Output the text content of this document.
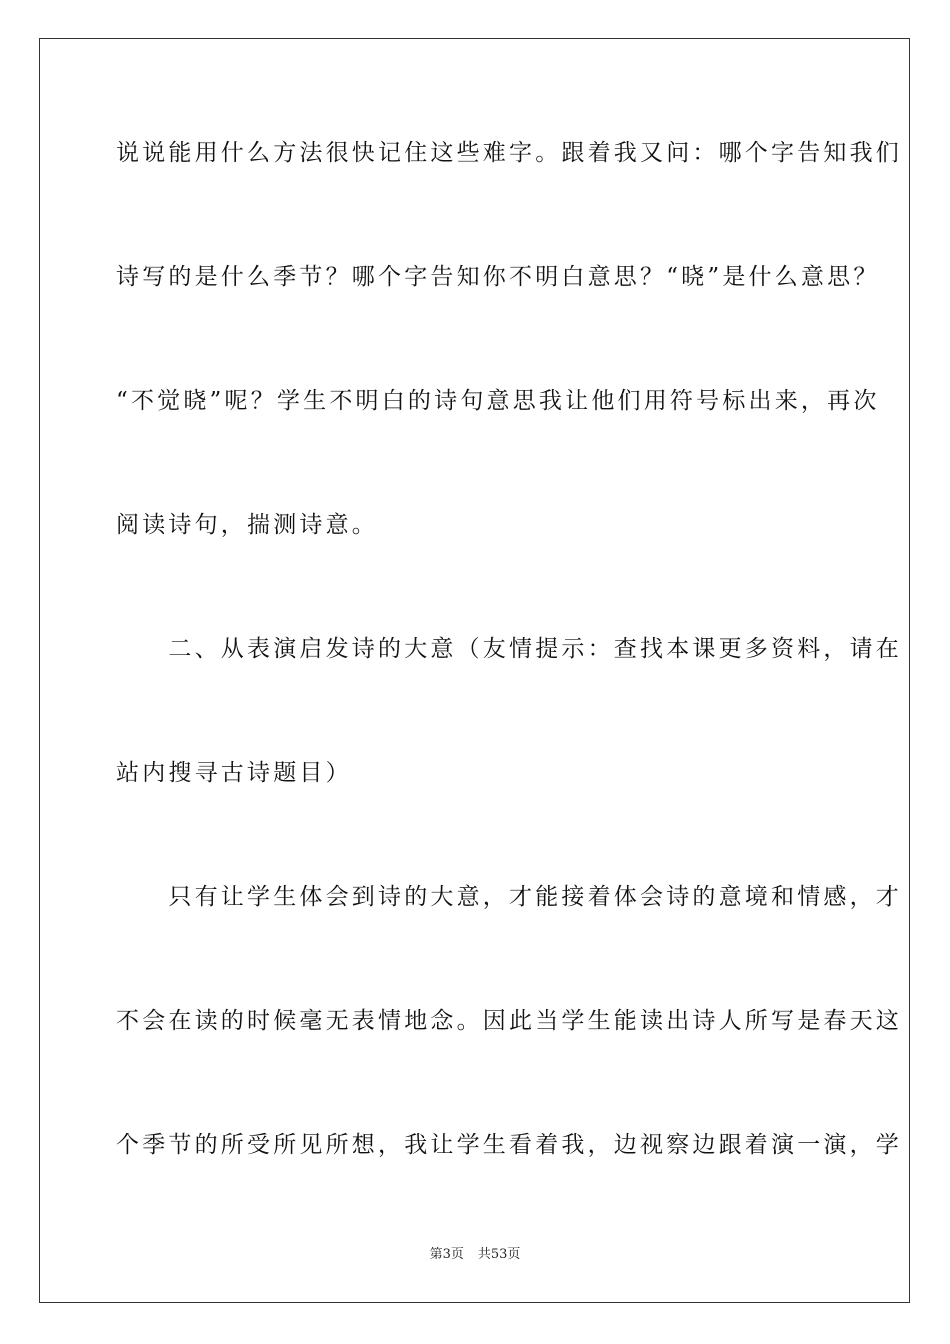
说说能用什么方法很快记住这些难字。跟着我又问：哪个字告知我们
诗写的是什么季节？哪个字告知你不明白意思？“晓”是什么意思？
“不觉晓”呢？学生不明白的诗句意思我让他们用符号标出来，再次
阅读诗句，揣测诗意。
　　二、从表演启发诗的大意（友情提示：查找本课更多资料，请在
站内搜寻古诗题目）
　　只有让学生体会到诗的大意，才能接着体会诗的意境和情感，才
不会在读的时候毫无表情地念。因此当学生能读出诗人所写是春天这
个季节的所受所见所想，我让学生看着我，边视察边跟着演一演，学
第3页 共53页
